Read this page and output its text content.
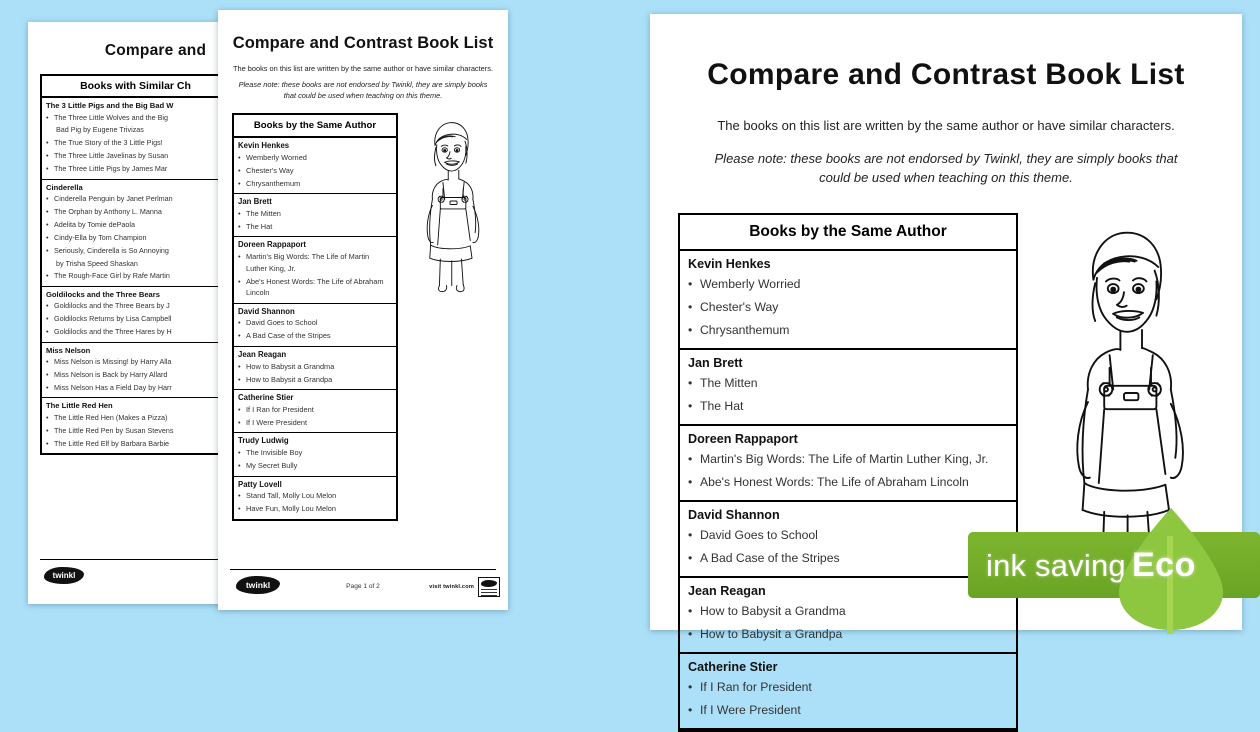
Compare and
Books with Similar Ch
The 3 Little Pigs and the Big Bad W
• The Three Little Wolves and the Big
Bad Pig by Eugene Trivizas
• The True Story of the 3 Little Pigs!
• The Three Little Javelinas by Susan
• The Three Little Pigs by James Mar
Cinderella
• Cinderella Penguin by Janet Perlman
• The Orphan by Anthony L. Manna
• Adelita by Tomie dePaola
• Cindy-Ella by Tom Champion
• Seriously, Cinderella is So Annoying
by Trisha Speed Shaskan
• The Rough-Face Girl by Rafe Martin
Goldilocks and the Three Bears
• Goldilocks and the Three Bears by J
• Goldilocks Returns by Lisa Campbell
• Goldilocks and the Three Hares by H
Miss Nelson
• Miss Nelson is Missing! by Harry Alla
• Miss Nelson is Back by Harry Allard
• Miss Nelson Has a Field Day by Harr
The Little Red Hen
• The Little Red Hen (Makes a Pizza)
• The Little Red Pen by Susan Stevens
• The Little Red Elf by Barbara Barbie
twinkl
Compare and Contrast Book List
The books on this list are written by the same author or have similar characters.
Please note: these books are not endorsed by Twinkl, they are simply books that could be used when teaching on this theme.
Books by the Same Author
Kevin Henkes
• Wemberly Worried
• Chester's Way
• Chrysanthemum
Jan Brett
• The Mitten
• The Hat
Doreen Rappaport
• Martin's Big Words: The Life of Martin Luther King, Jr.
• Abe's Honest Words: The Life of Abraham Lincoln
David Shannon
• David Goes to School
• A Bad Case of the Stripes
Jean Reagan
• How to Babysit a Grandma
• How to Babysit a Grandpa
Catherine Stier
• If I Ran for President
• If I Were President
Trudy Ludwig
• The Invisible Boy
• My Secret Bully
Patty Lovell
• Stand Tall, Molly Lou Melon
• Have Fun, Molly Lou Melon
twinkl	Page 1 of 2	visit twinkl.com
Compare and Contrast Book List
The books on this list are written by the same author or have similar characters.
Please note: these books are not endorsed by Twinkl, they are simply books that could be used when teaching on this theme.
Books by the Same Author
Kevin Henkes
• Wemberly Worried
• Chester's Way
• Chrysanthemum
Jan Brett
• The Mitten
• The Hat
Doreen Rappaport
• Martin's Big Words: The Life of Martin Luther King, Jr.
• Abe's Honest Words: The Life of Abraham Lincoln
David Shannon
• David Goes to School
• A Bad Case of the Stripes
Jean Reagan
• How to Babysit a Grandma
• How to Babysit a Grandpa
Catherine Stier
• If I Ran for President
• If I Were President
ink saving Eco
